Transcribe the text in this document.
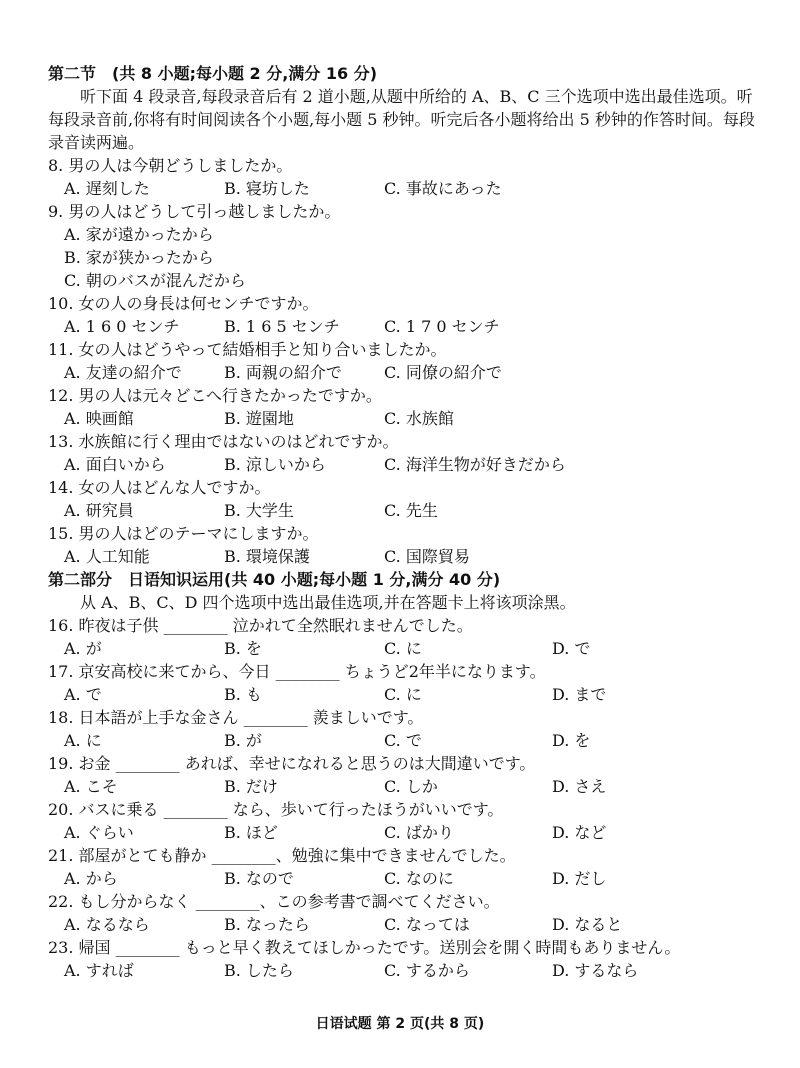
第二节　(共 8 小题;每小题 2 分,满分 16 分)

听下面 4 段录音,每段录音后有 2 道小题,从题中所给的 A、B、C 三个选项中选出最佳选项。听每段录音前,你将有时间阅读各个小题,每小题 5 秒钟。听完后各小题将给出 5 秒钟的作答时间。每段录音读两遍。

8. 男の人は今朝どうしましたか。
A. 遅刻した	B. 寝坊した	C. 事故にあった
9. 男の人はどうして引っ越しましたか。
A. 家が遠かったから
B. 家が狭かったから
C. 朝のバスが混んだから
10. 女の人の身長は何センチですか。
A. 1 6 0 センチ	B. 1 6 5 センチ	C. 1 7 0 センチ
11. 女の人はどうやって結婚相手と知り合いましたか。
A. 友達の紹介で	B. 両親の紹介で	C. 同僚の紹介で
12. 男の人は元々どこへ行きたかったですか。
A. 映画館	B. 遊園地	C. 水族館
13. 水族館に行く理由ではないのはどれですか。
A. 面白いから	B. 涼しいから	C. 海洋生物が好きだから
14. 女の人はどんな人ですか。
A. 研究員	B. 大学生	C. 先生
15. 男の人はどのテーマにしますか。
A. 人工知能	B. 環境保護	C. 国際貿易
第二部分　日语知识运用(共 40 小题;每小题 1 分,满分 40 分)

从 A、B、C、D 四个选项中选出最佳选项,并在答题卡上将该项涂黑。

16. 昨夜は子供 ________ 泣かれて全然眠れませんでした。
A. が	B. を	C. に	D. で
17. 京安高校に来てから、今日 ________ ちょうど2年半になります。
A. で	B. も	C. に	D. まで
18. 日本語が上手な金さん ________ 羨ましいです。
A. に	B. が	C. で	D. を
19. お金 ________ あれば、幸せになれると思うのは大間違いです。
A. こそ	B. だけ	C. しか	D. さえ
20. バスに乗る ________ なら、歩いて行ったほうがいいです。
A. ぐらい	B. ほど	C. ばかり	D. など
21. 部屋がとても静か ________、勉強に集中できませんでした。
A. から	B. なので	C. なのに	D. だし
22. もし分からなく ________、この参考書で調べてください。
A. なるなら	B. なったら	C. なっては	D. なると
23. 帰国 ________ もっと早く教えてほしかったです。送別会を開く時間もありません。
A. すれば	B. したら	C. するから	D. するなら
日语试题 第 2 页(共 8 页)
